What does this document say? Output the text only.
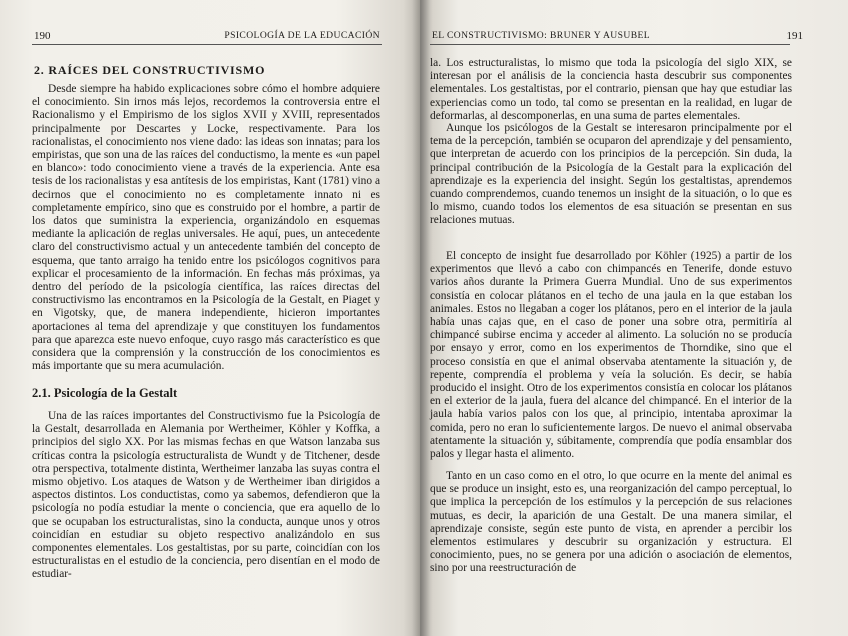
190	PSICOLOGÍA DE LA EDUCACIÓN
2. RAÍCES DEL CONSTRUCTIVISMO

Desde siempre ha habido explicaciones sobre cómo el hombre adquiere el conocimiento. Sin irnos más lejos, recordemos la controversia entre el Racionalismo y el Empirismo de los siglos XVII y XVIII, representados principalmente por Descartes y Locke, respectivamente. Para los racionalistas, el conocimiento nos viene dado: las ideas son innatas; para los empiristas, que son una de las raíces del conductismo, la mente es «un papel en blanco»: todo conocimiento viene a través de la experiencia. Ante esa tesis de los racionalistas y esa antítesis de los empiristas, Kant (1781) vino a decirnos que el conocimiento no es completamente innato ni es completamente empírico, sino que es construido por el hombre, a partir de los datos que suministra la experiencia, organizándolo en esquemas mediante la aplicación de reglas universales. He aquí, pues, un antecedente claro del constructivismo actual y un antecedente también del concepto de esquema, que tanto arraigo ha tenido entre los psicólogos cognitivos para explicar el procesamiento de la información. En fechas más próximas, ya dentro del período de la psicología científica, las raíces directas del constructivismo las encontramos en la Psicología de la Gestalt, en Piaget y en Vigotsky, que, de manera independiente, hicieron importantes aportaciones al tema del aprendizaje y que constituyen los fundamentos para que aparezca este nuevo enfoque, cuyo rasgo más característico es que considera que la comprensión y la construcción de los conocimientos es más importante que su mera acumulación.

2.1. Psicología de la Gestalt

Una de las raíces importantes del Constructivismo fue la Psicología de la Gestalt, desarrollada en Alemania por Wertheimer, Köhler y Koffka, a principios del siglo XX. Por las mismas fechas en que Watson lanzaba sus críticas contra la psicología estructuralista de Wundt y de Titchener, desde otra perspectiva, totalmente distinta, Wertheimer lanzaba las suyas contra el mismo objetivo. Los ataques de Watson y de Wertheimer iban dirigidos a aspectos distintos. Los conductistas, como ya sabemos, defendieron que la psicología no podía estudiar la mente o conciencia, que era aquello de lo que se ocupaban los estructuralistas, sino la conducta, aunque unos y otros coincidían en estudiar su objeto respectivo analizándolo en sus componentes elementales. Los gestaltistas, por su parte, coincidían con los estructuralistas en el estudio de la conciencia, pero disentían en el modo de estudiar-

EL CONSTRUCTIVISMO: BRUNER Y AUSUBEL	191

la. Los estructuralistas, lo mismo que toda la psicología del siglo XIX, se interesan por el análisis de la conciencia hasta descubrir sus componentes elementales. Los gestaltistas, por el contrario, piensan que hay que estudiar las experiencias como un todo, tal como se presentan en la realidad, en lugar de deformarlas, al descomponerlas, en una suma de partes elementales.

Aunque los psicólogos de la Gestalt se interesaron principalmente por el tema de la percepción, también se ocuparon del aprendizaje y del pensamiento, que interpretan de acuerdo con los principios de la percepción. Sin duda, la principal contribución de la Psicología de la Gestalt para la explicación del aprendizaje es la experiencia del insight. Según los gestaltistas, aprendemos cuando comprendemos, cuando tenemos un insight de la situación, o lo que es lo mismo, cuando todos los elementos de esa situación se presentan en sus relaciones mutuas.

El concepto de insight fue desarrollado por Köhler (1925) a partir de los experimentos que llevó a cabo con chimpancés en Tenerife, donde estuvo varios años durante la Primera Guerra Mundial. Uno de sus experimentos consistía en colocar plátanos en el techo de una jaula en la que estaban los animales. Estos no llegaban a coger los plátanos, pero en el interior de la jaula había unas cajas que, en el caso de poner una sobre otra, permitiría al chimpancé subirse encima y acceder al alimento. La solución no se producía por ensayo y error, como en los experimentos de Thorndike, sino que el proceso consistía en que el animal observaba atentamente la situación y, de repente, comprendía el problema y veía la solución. Es decir, se había producido el insight. Otro de los experimentos consistía en colocar los plátanos en el exterior de la jaula, fuera del alcance del chimpancé. En el interior de la jaula había varios palos con los que, al principio, intentaba aproximar la comida, pero no eran lo suficientemente largos. De nuevo el animal observaba atentamente la situación y, súbitamente, comprendía que podía ensamblar dos palos y llegar hasta el alimento.

Tanto en un caso como en el otro, lo que ocurre en la mente del animal es que se produce un insight, esto es, una reorganización del campo perceptual, lo que implica la percepción de los estímulos y la percepción de sus relaciones mutuas, es decir, la aparición de una Gestalt. De una manera similar, el aprendizaje consiste, según este punto de vista, en aprender a percibir los elementos estimulares y descubrir su organización y estructura. El conocimiento, pues, no se genera por una adición o asociación de elementos, sino por una reestructuración de
